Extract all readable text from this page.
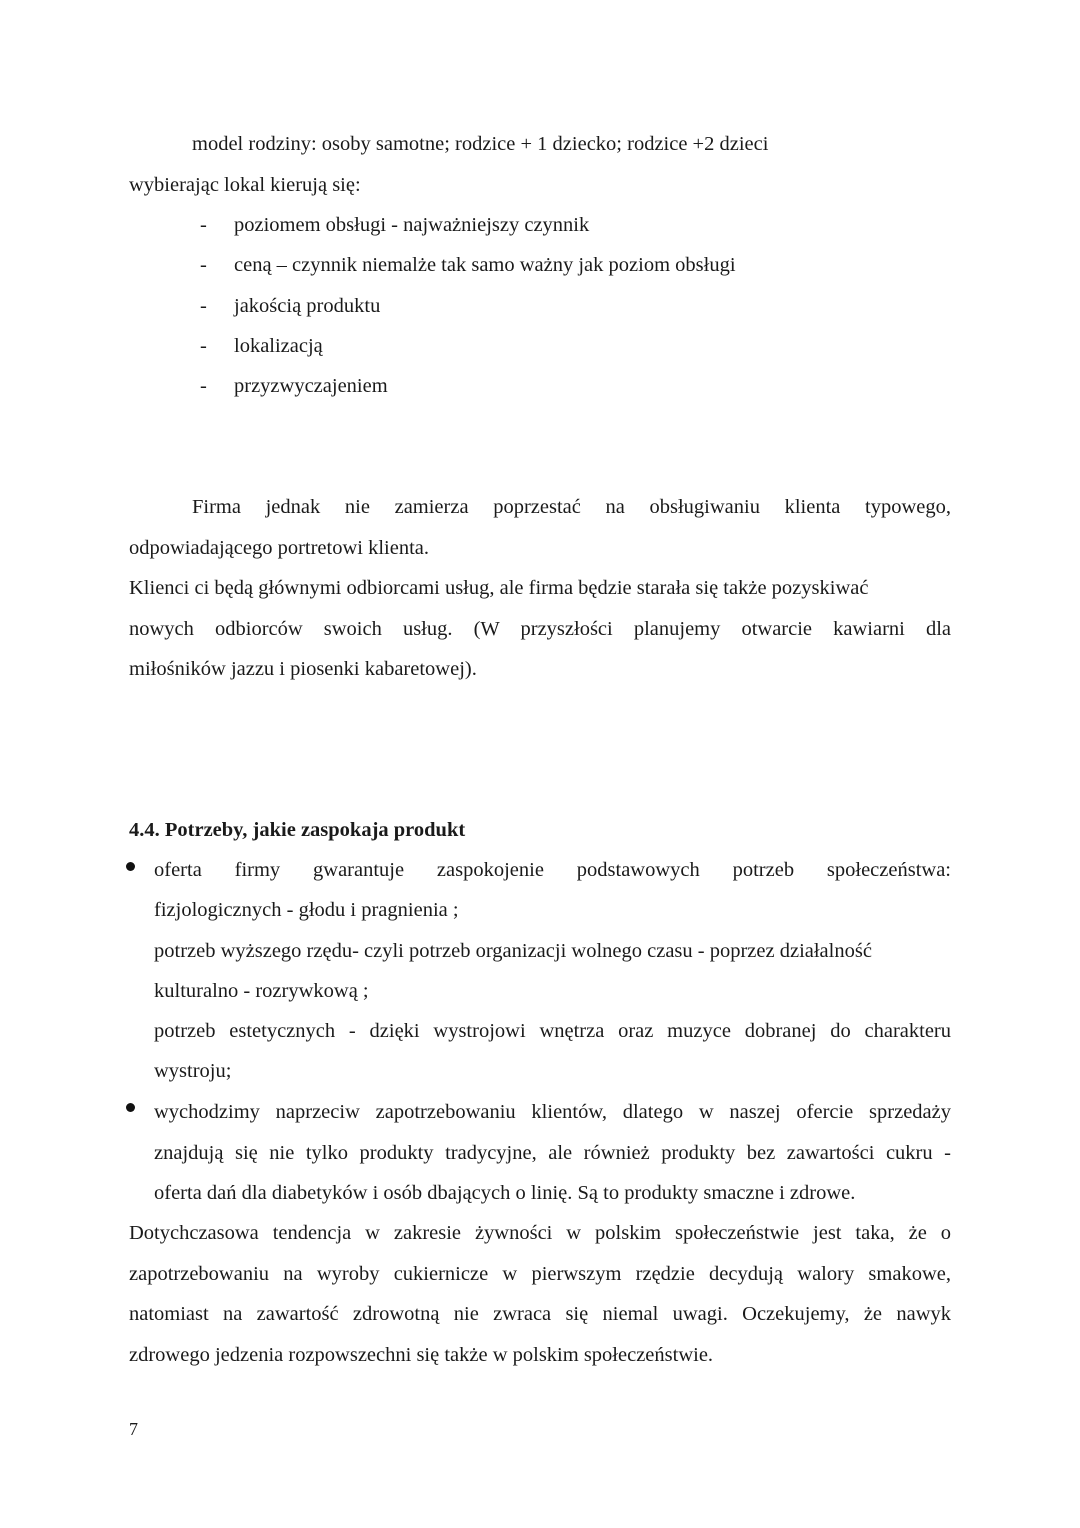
model rodziny: osoby samotne; rodzice + 1 dziecko; rodzice +2 dzieci
wybierając lokal kierują się:
- poziomem obsługi - najważniejszy czynnik
- ceną – czynnik niemalże tak samo ważny jak poziom obsługi
- jakością produktu
- lokalizacją
- przyzwyczajeniem
Firma jednak nie zamierza poprzestać na obsługiwaniu klienta typowego,
odpowiadającego portretowi klienta.
Klienci ci będą głównymi odbiorcami usług, ale firma będzie starała się także pozyskiwać
nowych odbiorców swoich usług. (W przyszłości planujemy otwarcie kawiarni dla
miłośników jazzu i piosenki kabaretowej).
4.4. Potrzeby, jakie zaspokaja produkt
oferta firmy gwarantuje zaspokojenie podstawowych potrzeb społeczeństwa:
fizjologicznych - głodu i pragnienia ;
potrzeb wyższego rzędu- czyli potrzeb organizacji wolnego czasu - poprzez działalność
kulturalno - rozrywkową ;
potrzeb estetycznych - dzięki wystrojowi wnętrza oraz muzyce dobranej do charakteru
wystroju;
wychodzimy naprzeciw zapotrzebowaniu klientów, dlatego w naszej ofercie sprzedaży
znajdują się nie tylko produkty tradycyjne, ale również produkty bez zawartości cukru -
oferta dań dla diabetyków i osób dbających o linię. Są to produkty smaczne i zdrowe.
Dotychczasowa tendencja w zakresie żywności w polskim społeczeństwie jest taka, że o
zapotrzebowaniu na wyroby cukiernicze w pierwszym rzędzie decydują walory smakowe,
natomiast na zawartość zdrowotną nie zwraca się niemal uwagi. Oczekujemy, że nawyk
zdrowego jedzenia rozpowszechni się także w polskim społeczeństwie.
7
